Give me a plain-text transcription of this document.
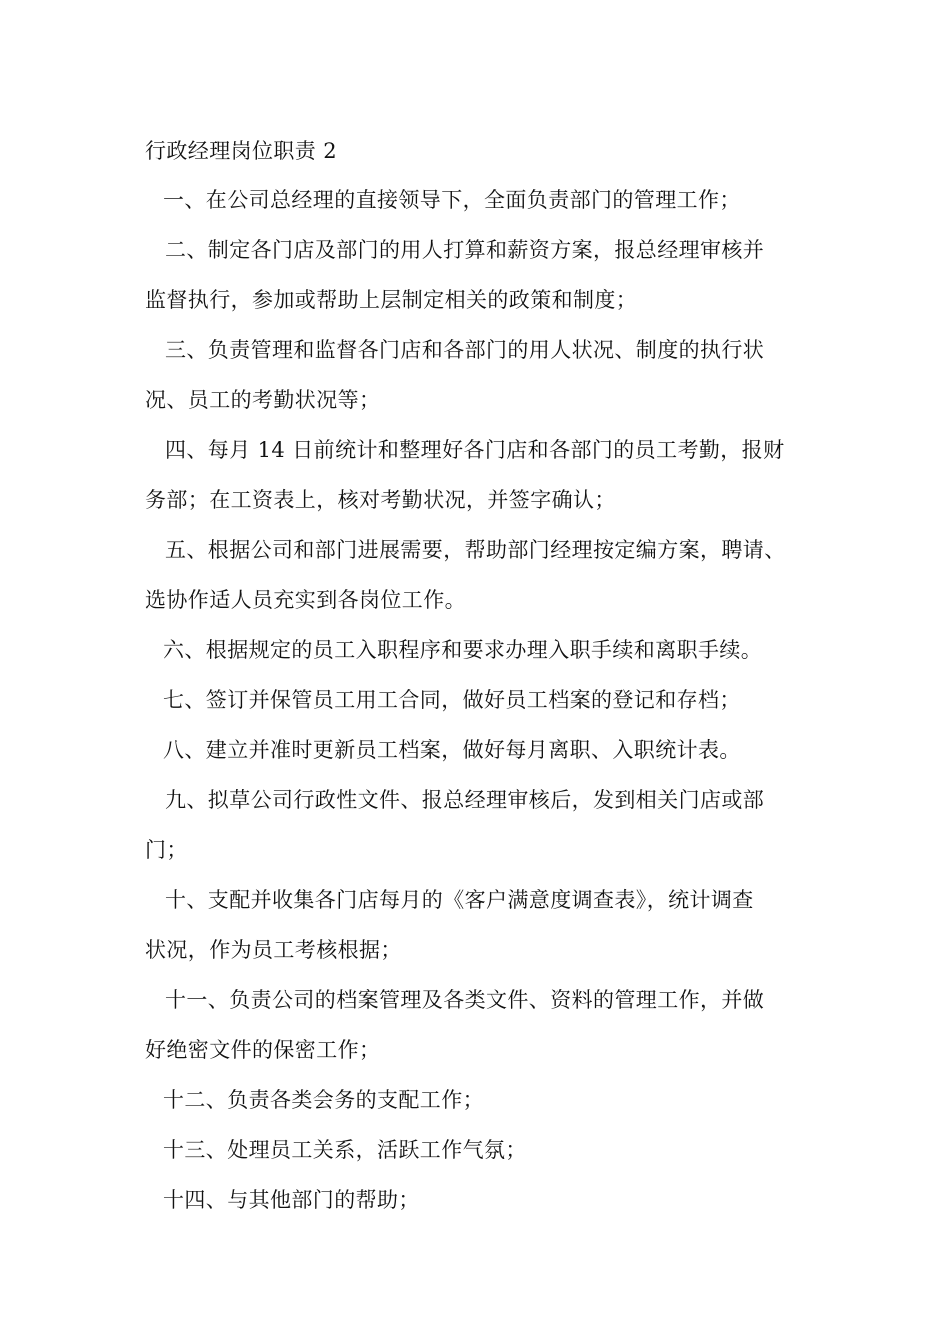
行政经理岗位职责 2
一、在公司总经理的直接领导下，全面负责部门的管理工作；
二、制定各门店及部门的用人打算和薪资方案，报总经理审核并
监督执行，参加或帮助上层制定相关的政策和制度；
三、负责管理和监督各门店和各部门的用人状况、制度的执行状
况、员工的考勤状况等；
四、每月 14 日前统计和整理好各门店和各部门的员工考勤，报财
务部；在工资表上，核对考勤状况，并签字确认；
五、根据公司和部门进展需要，帮助部门经理按定编方案，聘请、
选协作适人员充实到各岗位工作。
六、根据规定的员工入职程序和要求办理入职手续和离职手续。
七、签订并保管员工用工合同，做好员工档案的登记和存档；
八、建立并准时更新员工档案，做好每月离职、入职统计表。
九、拟草公司行政性文件、报总经理审核后，发到相关门店或部
门；
十、支配并收集各门店每月的《客户满意度调查表》，统计调查
状况，作为员工考核根据；
十一、负责公司的档案管理及各类文件、资料的管理工作，并做
好绝密文件的保密工作；
十二、负责各类会务的支配工作；
十三、处理员工关系，活跃工作气氛；
十四、与其他部门的帮助；
